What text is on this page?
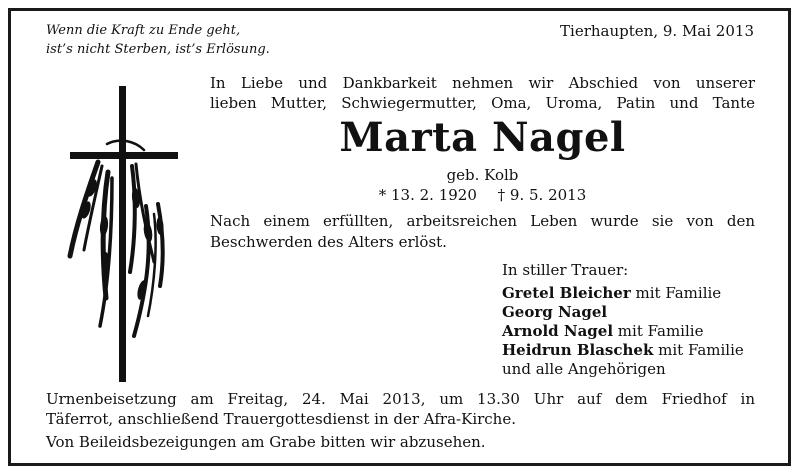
Wenn die Kraft zu Ende geht,
ist’s nicht Sterben, ist’s Erlösung.
Tierhaupten, 9. Mai 2013
In Liebe und Dankbarkeit nehmen wir Abschied von unserer
lieben Mutter, Schwiegermutter, Oma, Uroma, Patin und Tante
Marta Nagel
geb. Kolb
* 13. 2. 1920 † 9. 5. 2013
Nach einem erfüllten, arbeitsreichen Leben wurde sie von den
Beschwerden des Alters erlöst.
In stiller Trauer:
Gretel Bleicher mit Familie
Georg Nagel
Arnold Nagel mit Familie
Heidrun Blaschek mit Familie
und alle Angehörigen
Urnenbeisetzung am Freitag, 24. Mai 2013, um 13.30 Uhr auf dem Friedhof in
Täferrot, anschließend Trauergottesdienst in der Afra-Kirche.
Von Beileidsbezeigungen am Grabe bitten wir abzusehen.
